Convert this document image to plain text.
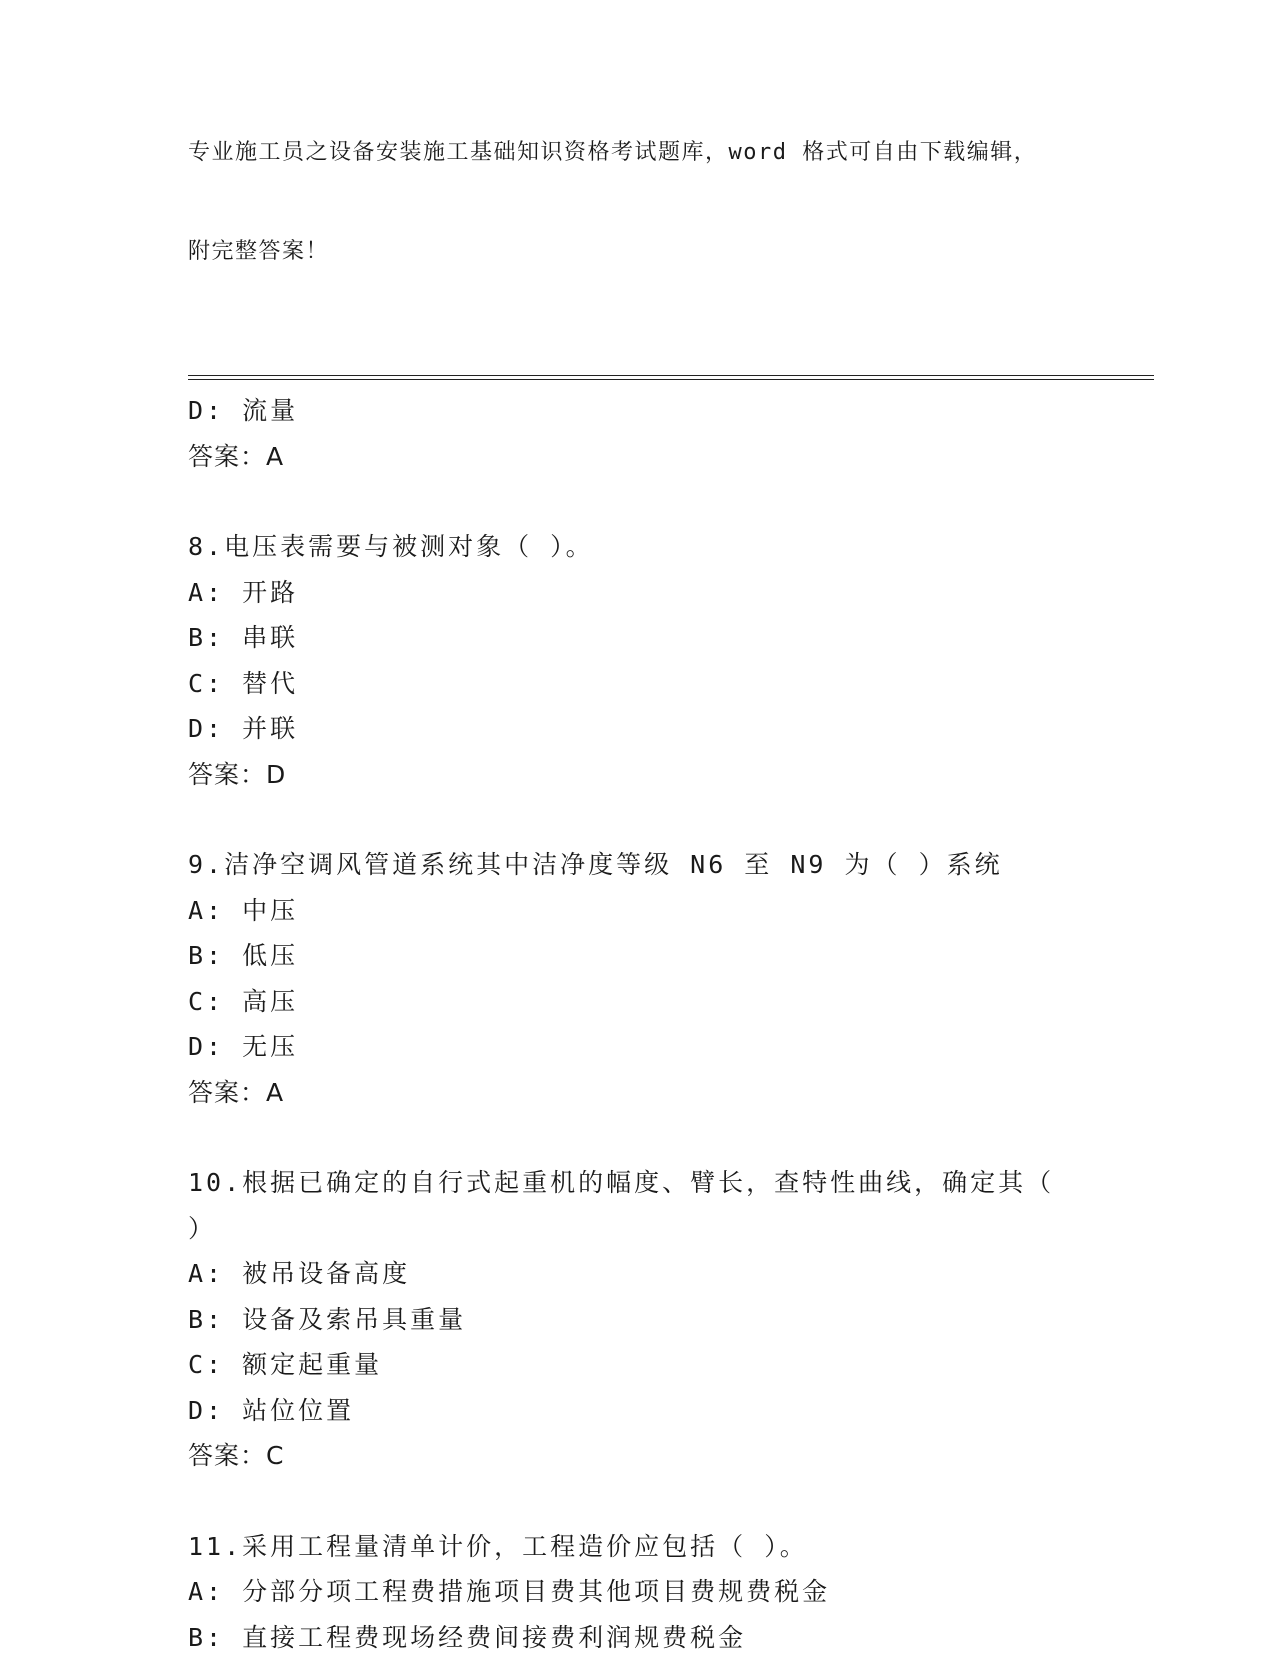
专业施工员之设备安装施工基础知识资格考试题库，word 格式可自由下载编辑，

附完整答案！

D: 流量
答案：A
8.电压表需要与被测对象（ ）。
A: 开路
B: 串联
C: 替代
D: 并联
答案：D
9.洁净空调风管道系统其中洁净度等级 N6 至 N9 为（ ）系统
A: 中压
B: 低压
C: 高压
D: 无压
答案：A
10.根据已确定的自行式起重机的幅度、臂长，查特性曲线，确定其（
）
A: 被吊设备高度
B: 设备及索吊具重量
C: 额定起重量
D: 站位位置
答案：C
11.采用工程量清单计价，工程造价应包括（ ）。
A: 分部分项工程费措施项目费其他项目费规费税金
B: 直接工程费现场经费间接费利润规费税金
